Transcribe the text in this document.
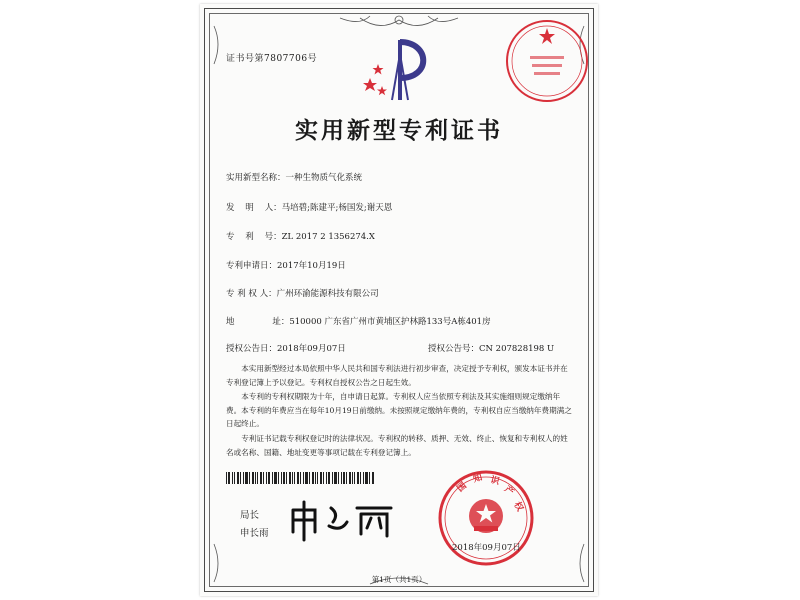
证书号第7807706号
实用新型专利证书
实用新型名称：一种生物质气化系统
发    明    人：马培碧;陈建平;杨国发;谢天恩
专    利    号：ZL 2017 2 1356274.X
专利申请日：2017年10月19日
专 利 权 人：广州环渝能源科技有限公司
地              址：510000 广东省广州市黄埔区护林路133号A栋401房
授权公告日：2018年09月07日	授权公告号：CN 207828198 U

本实用新型经过本局依照中华人民共和国专利法进行初步审查，决定授予专利权，颁发本证书并在专利登记簿上予以登记。专利权自授权公告之日起生效。

本专利的专利权期限为十年，自申请日起算。专利权人应当依照专利法及其实施细则规定缴纳年费。本专利的年费应当在每年10月19日前缴纳。未按照规定缴纳年费的，专利权自应当缴纳年费期满之日起终止。

专利证书记载专利权登记时的法律状况。专利权的转移、质押、无效、终止、恢复和专利权人的姓名或名称、国籍、地址变更等事项记载在专利登记簿上。

局长
申长雨
国
知 识
产
权
2018年09月07日
第1页（共1页）
